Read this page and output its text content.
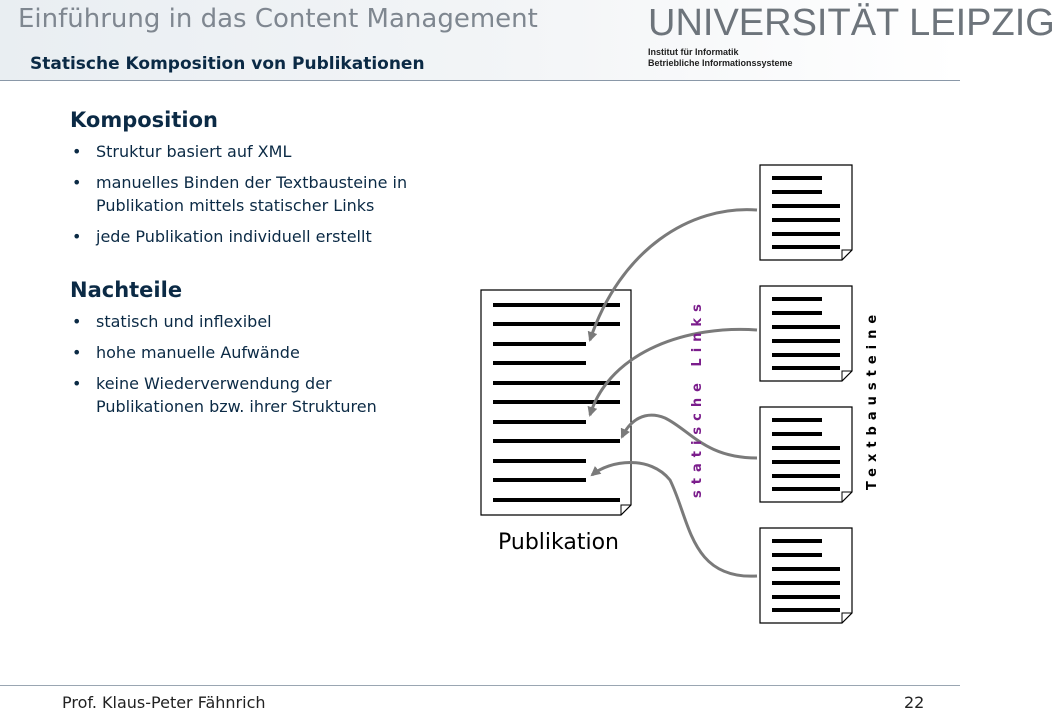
Einführung in das Content Management
Statische Komposition von Publikationen
UNIVERSITÄT LEIPZIG
Institut für Informatik
Betriebliche Informationssysteme
Komposition
• Struktur basiert auf XML
• manuelles Binden der Textbausteine in Publikation mittels statischer Links
• jede Publikation individuell erstellt
Nachteile
• statisch und inflexibel
• hohe manuelle Aufwände
• keine Wiederverwendung der Publikationen bzw. ihrer Strukturen
Publikation
statische Links	Textbausteine
Prof. Klaus-Peter Fähnrich	22
